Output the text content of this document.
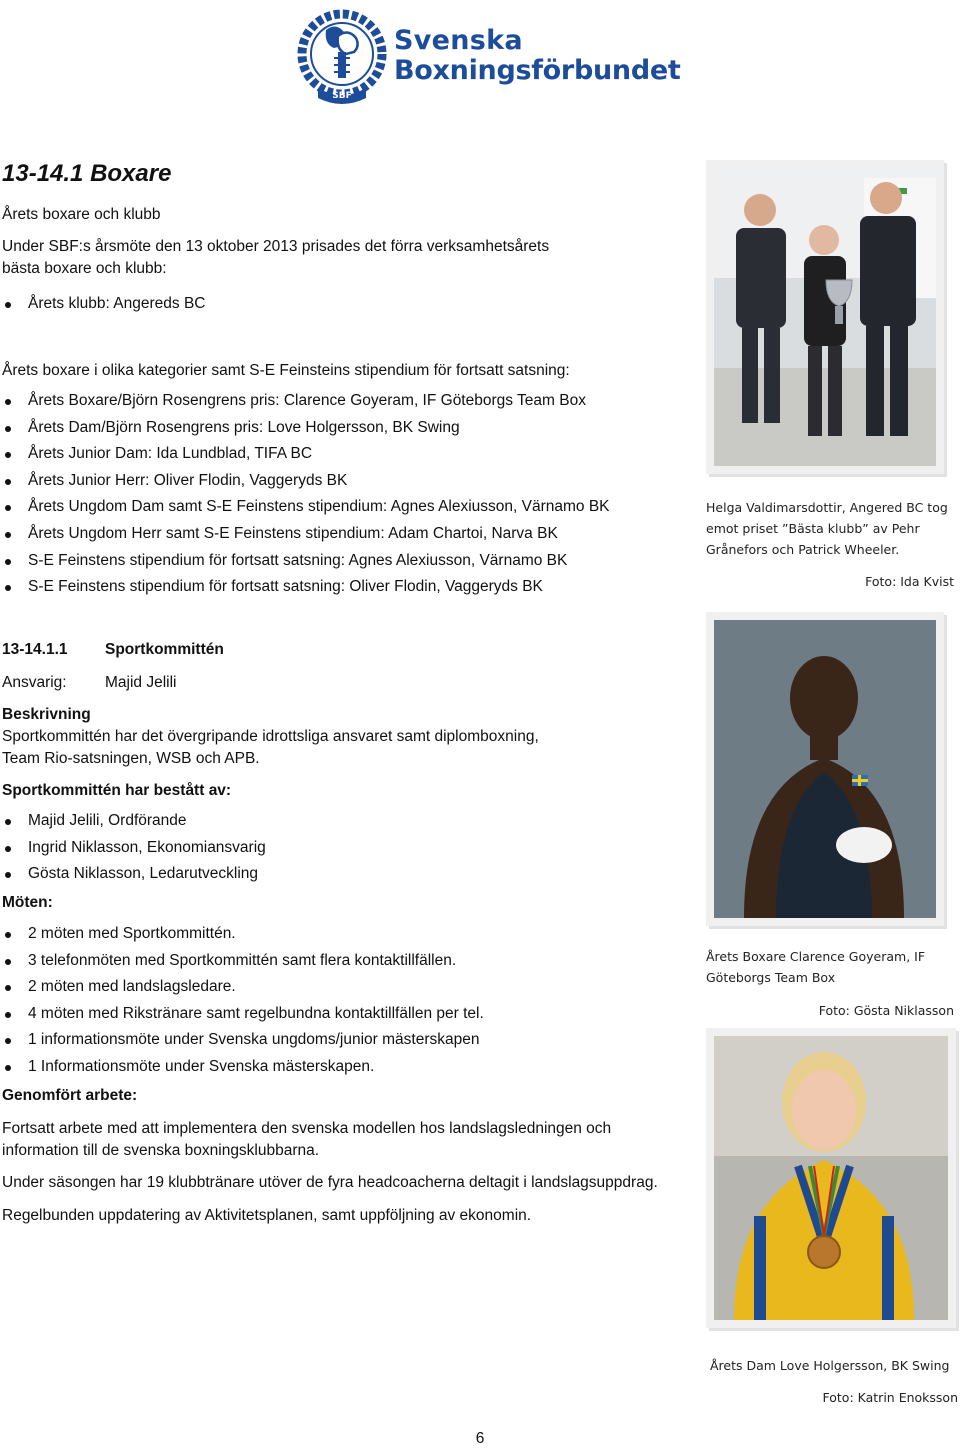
SBF
Svenska
Boxningsförbundet
13-14.1 Boxare
Årets boxare och klubb
Under SBF:s årsmöte den 13 oktober 2013 prisades det förra verksamhetsårets
bästa boxare och klubb:
Årets klubb: Angereds BC
Årets boxare i olika kategorier samt S-E Feinsteins stipendium för fortsatt satsning:
Årets Boxare/Björn Rosengrens pris: Clarence Goyeram, IF Göteborgs Team Box
Årets Dam/Björn Rosengrens pris: Love Holgersson, BK Swing
Årets Junior Dam: Ida Lundblad, TIFA BC
Årets Junior Herr: Oliver Flodin, Vaggeryds BK
Årets Ungdom Dam samt S-E Feinstens stipendium: Agnes Alexiusson, Värnamo BK
Årets Ungdom Herr samt S-E Feinstens stipendium: Adam Chartoi, Narva BK
S-E Feinstens stipendium för fortsatt satsning: Agnes Alexiusson, Värnamo BK
S-E Feinstens stipendium för fortsatt satsning: Oliver Flodin, Vaggeryds BK
Helga Valdimarsdottir, Angered BC tog
emot priset ”Bästa klubb” av Pehr
Grånefors och Patrick Wheeler.
Foto: Ida Kvist
13-14.1.1 Sportkommittén
Ansvarig: Majid Jelili
Beskrivning
Sportkommittén har det övergripande idrottsliga ansvaret samt diplomboxning,
Team Rio-satsningen, WSB och APB.
Sportkommittén har bestått av:
Majid Jelili, Ordförande
Ingrid Niklasson, Ekonomiansvarig
Gösta Niklasson, Ledarutveckling
Möten:
2 möten med Sportkommittén.
3 telefonmöten med Sportkommittén samt flera kontaktillfällen.
2 möten med landslagsledare.
4 möten med Rikstränare samt regelbundna kontaktillfällen per tel.
1 informationsmöte under Svenska ungdoms/junior mästerskapen
1 Informationsmöte under Svenska mästerskapen.
Genomfört arbete:
Fortsatt arbete med att implementera den svenska modellen hos landslagsledningen och
information till de svenska boxningsklubbarna.
Under säsongen har 19 klubbtränare utöver de fyra headcoacherna deltagit i landslagsuppdrag.
Regelbunden uppdatering av Aktivitetsplanen, samt uppföljning av ekonomin.
Årets Boxare Clarence Goyeram, IF
Göteborgs Team Box
Foto: Gösta Niklasson
Årets Dam Love Holgersson, BK Swing
Foto: Katrin Enoksson
6
